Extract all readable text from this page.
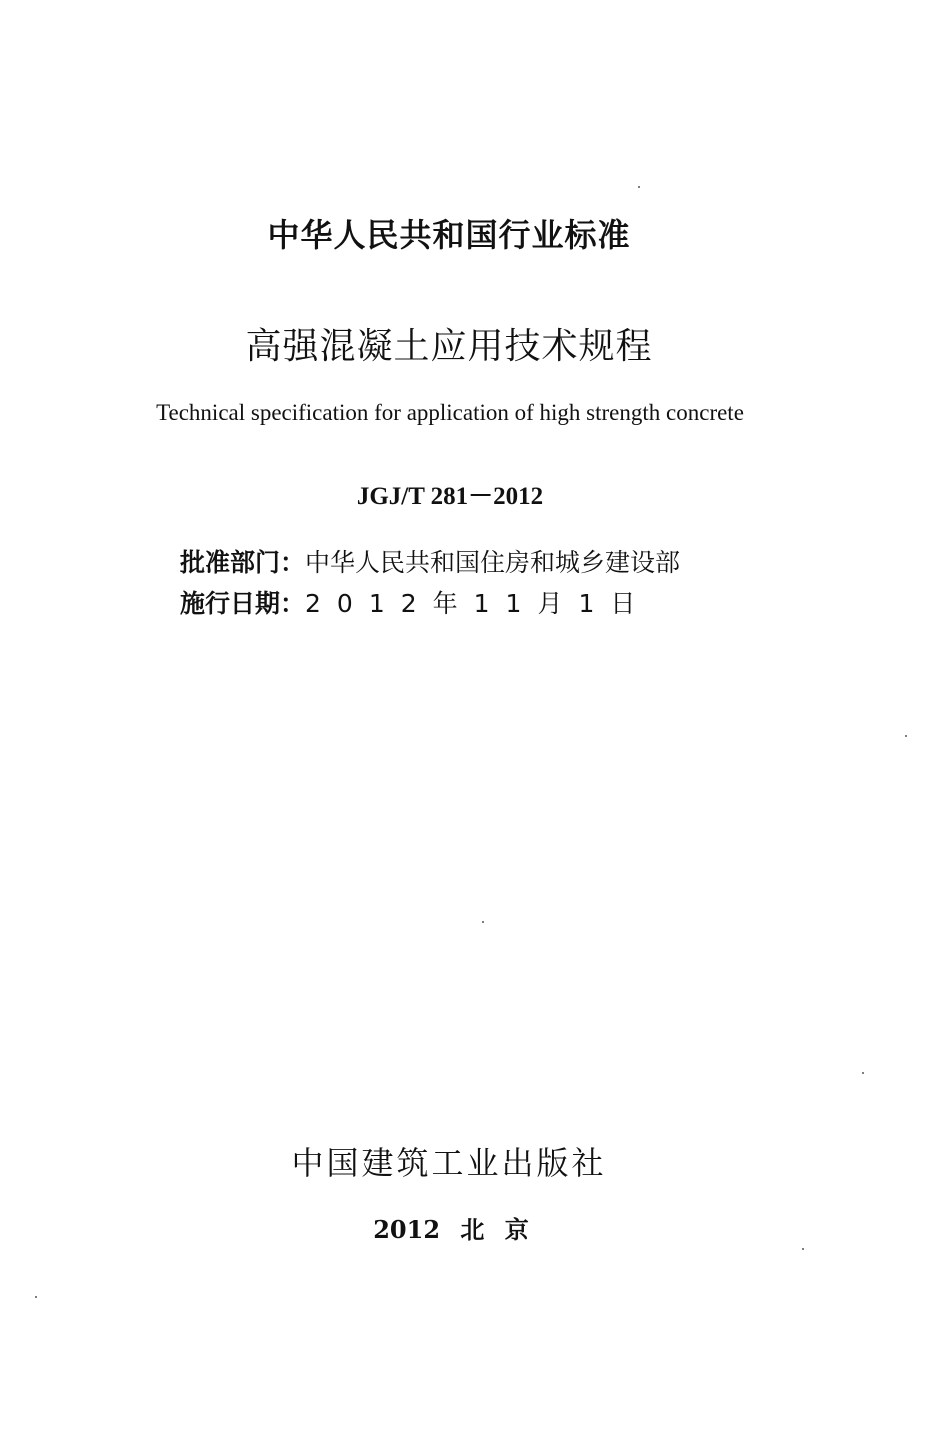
中华人民共和国行业标准
高强混凝土应用技术规程
Technical specification for application of high strength concrete
JGJ/T 281－2012
批准部门：中华人民共和国住房和城乡建设部
施行日期：2012年11月1日
中国建筑工业出版社
2012 北 京
